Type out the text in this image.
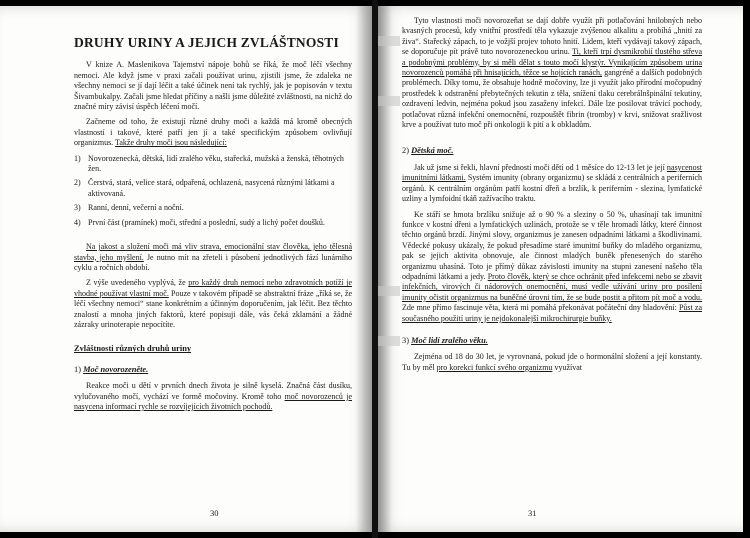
DRUHY URINY A JEJICH ZVLÁŠTNOSTI

V knize A. Maslenikova Tajemství nápoje bohů se říká, že moč léčí všechny nemoci. Ale když jsme v praxi začali používat urinu, zjistili jsme, že zdaleka ne všechny nemoci se jí dají léčit a také účinek není tak rychlý, jak je popisován v textu Šivambukalpy. Začali jsme hledat příčiny a našli jsme důležité zvláštnosti, na nichž do značné míry závisí úspěch léčení močí.

Začneme od toho, že existují různé druhy moči a každá má kromě obecných vlastností i takové, které patří jen jí a také specifickým způsobem ovlivňují organizmus. Takže druhy moči jsou následující:

1) Novorozenecká, dětská, lidí zralého věku, stařecká, mužská a ženská, těhotných žen.
2) Čerstvá, stará, velice stará, odpařená, ochlazená, nasycená různými látkami a aktivovaná.
3) Ranní, denní, večerní a noční.
4) První část (pramínek) moči, střední a poslední, sudý a lichý počet doušků.

Na jakost a složení moči má vliv strava, emocionální stav člověka, jeho tělesná stavba, jeho myšlení. Je nutno mít na zřeteli i působení jednotlivých fází lunárního cyklu a ročních období.

Z výše uvedeného vyplývá, že pro každý druh nemocí nebo zdravotních potíží je vhodné používat vlastní moč. Pouze v takovém případě se abstraktní fráze „říká se, že léčí všechny nemoci“ stane konkrétním a účinným doporučením, jak léčit. Bez těchto znalostí a mnoha jiných faktorů, které popisuji dále, vás čeká zklamání a žádné zázraky urinoterapie nepocítíte.

Zvláštnosti různých druhů uriny
1) Moč novorozeněte.

Reakce moči u dětí v prvních dnech života je silně kyselá. Značná část dusíku, vylučovaného močí, vychází ve formě močoviny. Kromě toho moč novorozenců je nasycena informací rychle se rozvíjejících životních pochodů.

30

Tyto vlastnosti moči novorozeňat se dají dobře využít při potlačování hnilobných nebo kvasných procesů, kdy vnitřní prostředí těla vykazuje zvýšenou alkalitu a probíhá „hnití za živa“. Stařecký zápach, to je vožjší projev tohoto hnití. Lidem, kteří vydávají takový zápach, se doporučuje pít právě tuto novorozeneckou urinu. Ti, kteří trpí dysmikrobií tlustého střeva a podobnými problémy, by si měli dělat s touto močí klystýr. Vynikajícím způsobem urina novorozenců pomáhá při hnisajících, těžce se hojících ranách, gangréně a dalších podobných problémech. Díky tomu, že obsahuje hodně močoviny, lze ji využít jako přírodní močopudný prostředek k odstranění přebytečných tekutin z těla, snížení tlaku cerebrálnšpinální tekutiny, ozdravení ledvin, nejména pokud jsou zasaženy infekcí. Dále lze posilovat trávicí pochody, potlačovat různá infekční onemocnění, rozpouštět fibrin (tromby) v krvi, snižovat sražlivost krve a používat tuto moč při onkologii k pití a k obkladům.

2) Dětská moč.

Jak už jsme si řekli, hlavní předností moči dětí od 1 měsíce do 12-13 let je její nasycenost imunitními látkami. Systém imunity (obrany organizmu) se skládá z centrálních a periferních orgánů. K centrálním orgánům patří kostní dřeň a brzlík, k periferním - slezina, lymfatické uzliny a lymfoidní tkáň zažívacího traktu.

Ke stáří se hmota brzlíku snižuje až o 90 % a sleziny o 50 %, uhasínají tak imunitní funkce v kostní dřeni a lymfatických uzlinách, protože se v těle hromadí látky, které činnost těchto orgánů brzdí. Jinými slovy, organizmus je zanesen odpadními látkami a škodlivinami. Vědecké pokusy ukázaly, že pokud přesadíme staré imunitní buňky do mladého organizmu, pak se jejich aktivita obnovuje, ale činnost mladých buněk přenesených do starého organizmu uhasíná. Toto je přímý důkaz závislosti imunity na stupni zanesení našeho těla odpadními látkami a jedy. Proto člověk, který se chce ochránit před infekcemi nebo se zbavit infekčních, virových či nádorových onemocnění, musí vedle užívání uriny pro posílení imunity očistit organizmus na buněčné úrovni tím, že se bude postit a přitom pít moč a vodu. Zde mne přímo fascinuje věta, která mi pomáhá překonávat počáteční dny hladovění: Půst za současného použití uriny je nejdokonalejší mikrochirurgie buňky.

3) Moč lidí zralého věku.

Zejména od 18 do 30 let, je vyrovnaná, pokud jde o hormonální složení a její konstanty. Tu by měl pro korekci funkcí svého organizmu využívat

31
